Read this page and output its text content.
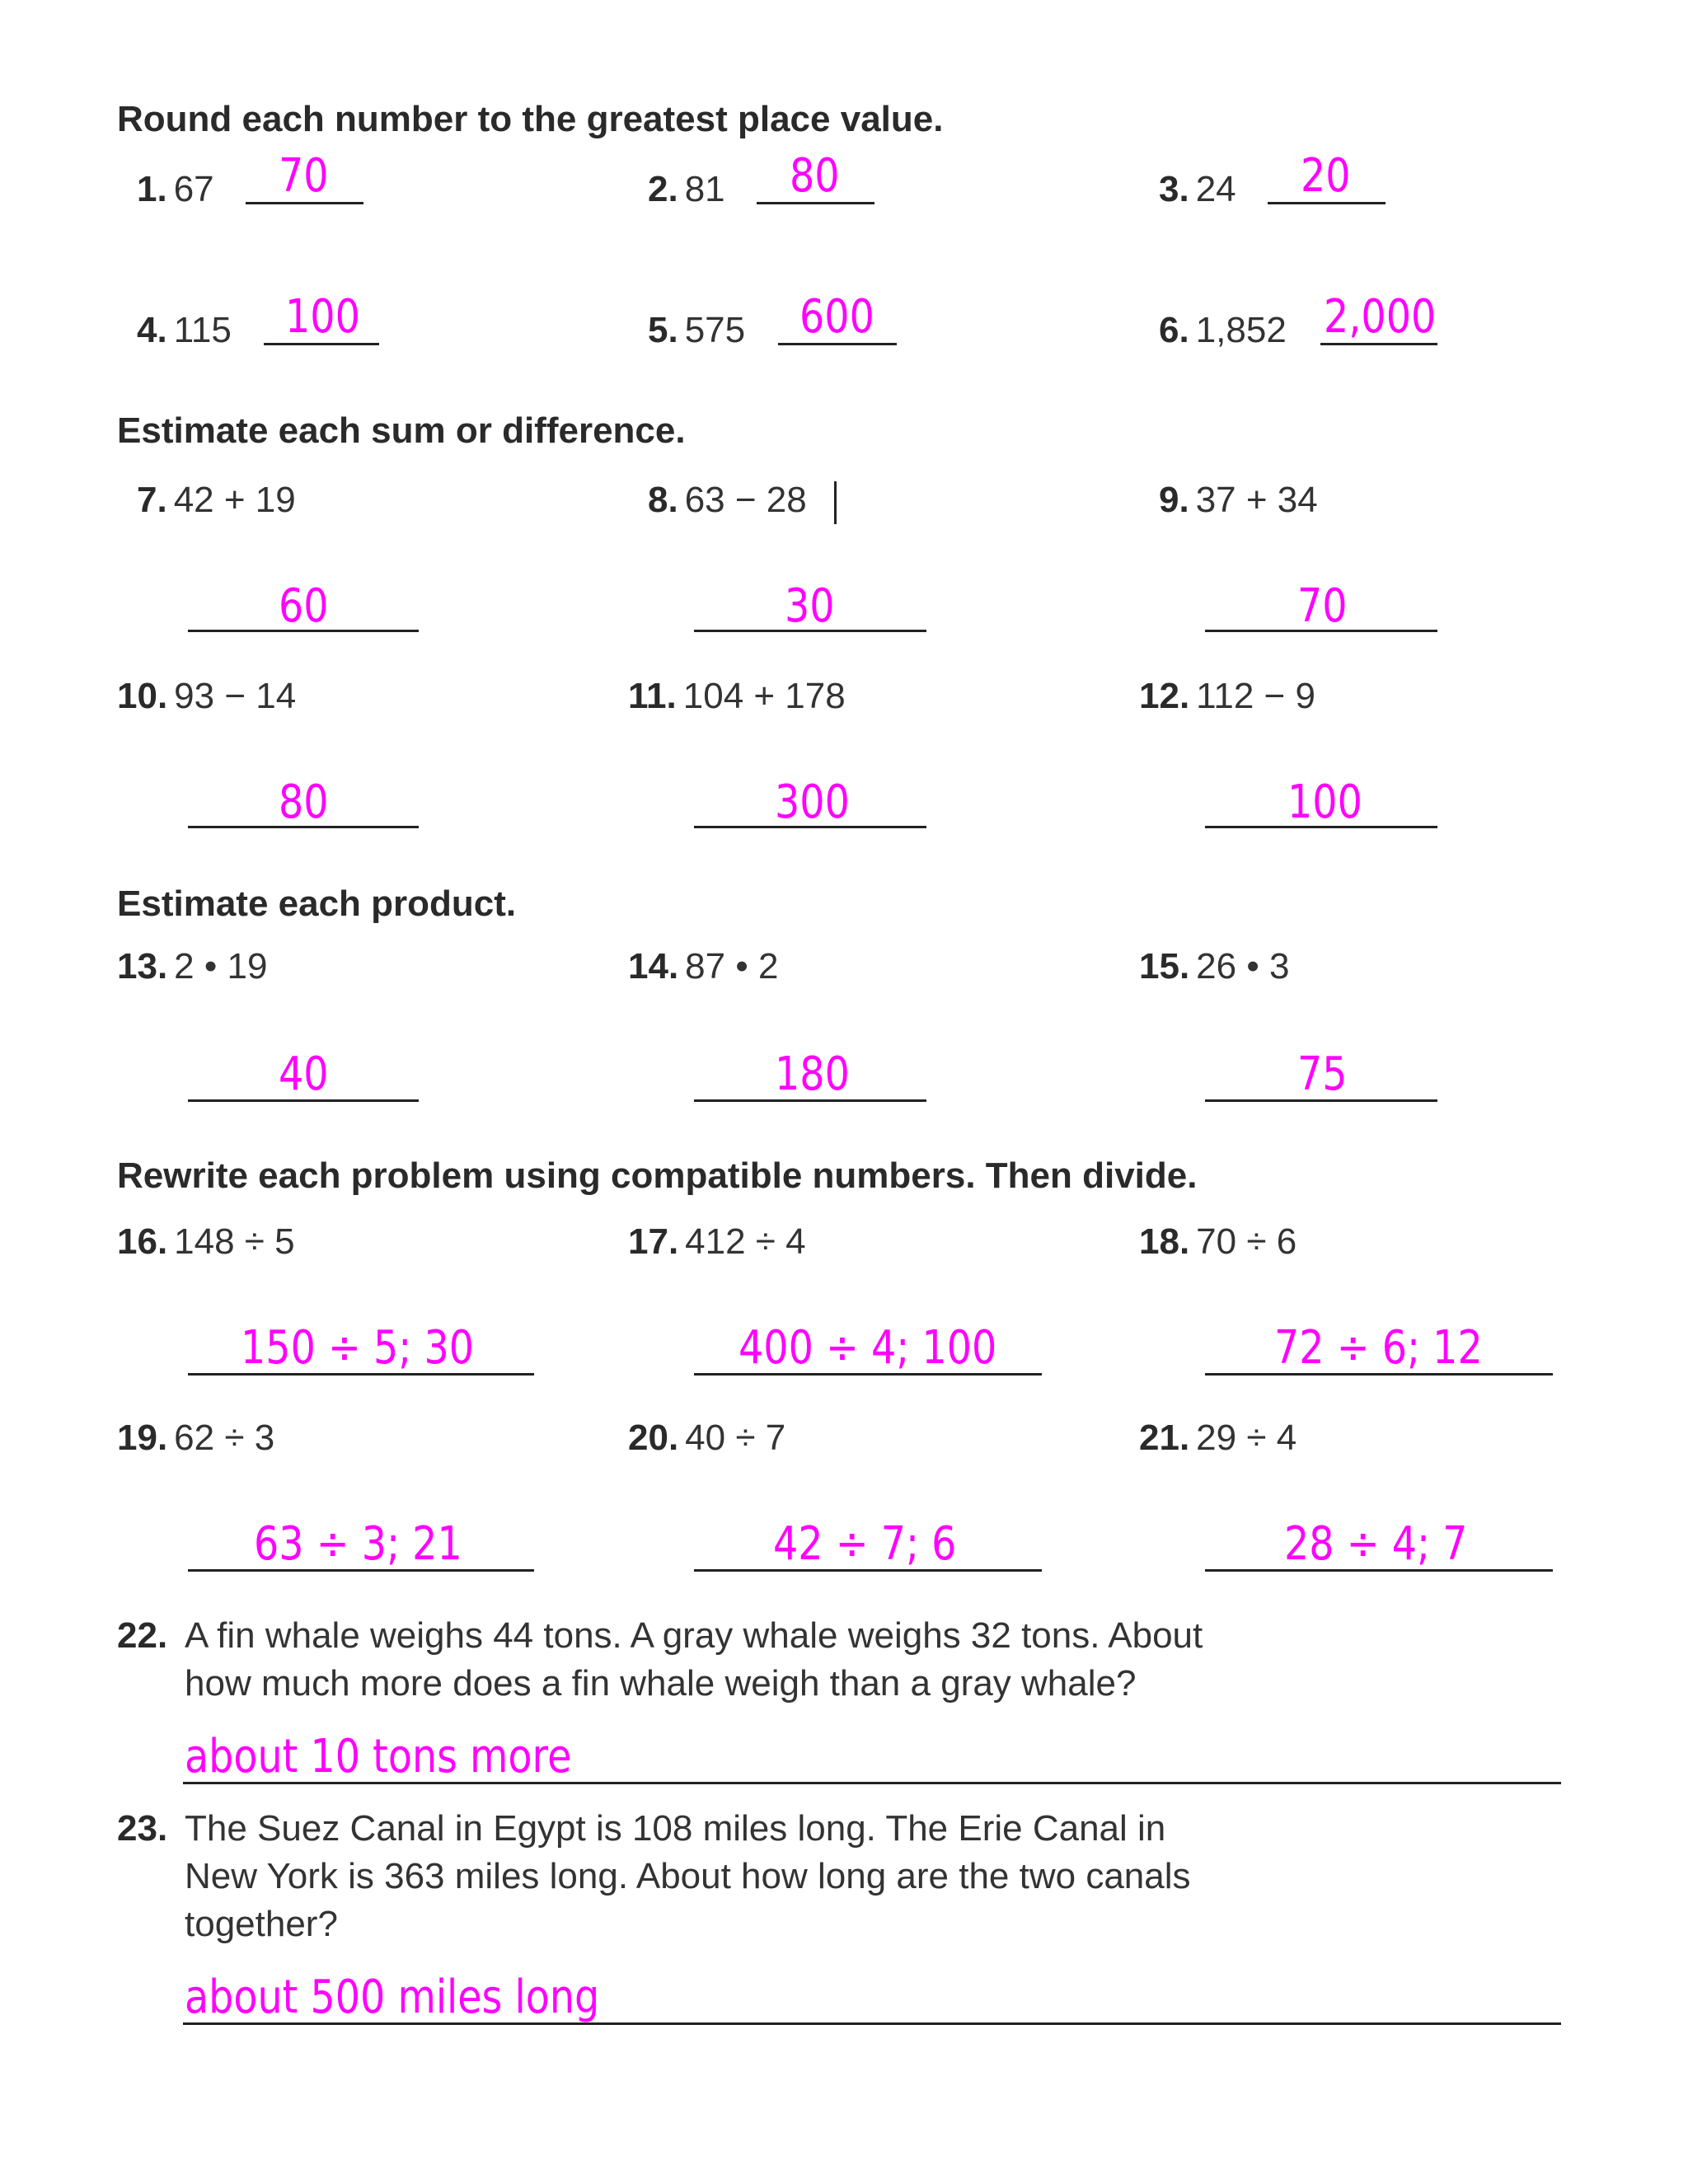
Round each number to the greatest place value.
1. 67 70	2. 81 80	3. 24 20
4. 115 100	5. 575 600	6. 1,852 2,000
Estimate each sum or difference.
7. 42 + 19	8. 63 − 28	9. 37 + 34
60	30	70
10. 93 − 14	11. 104 + 178	12. 112 − 9
80	300	100
Estimate each product.
13. 2 • 19	14. 87 • 2	15. 26 • 3
40	180	75
Rewrite each problem using compatible numbers. Then divide.
16. 148 ÷ 5	17. 412 ÷ 4	18. 70 ÷ 6
150 ÷ 5; 30	400 ÷ 4; 100	72 ÷ 6; 12
19. 62 ÷ 3	20. 40 ÷ 7	21. 29 ÷ 4
63 ÷ 3; 21	42 ÷ 7; 6	28 ÷ 4; 7
22. A fin whale weighs 44 tons. A gray whale weighs 32 tons. About
how much more does a fin whale weigh than a gray whale?
about 10 tons more
23. The Suez Canal in Egypt is 108 miles long. The Erie Canal in
New York is 363 miles long. About how long are the two canals
together?
about 500 miles long
